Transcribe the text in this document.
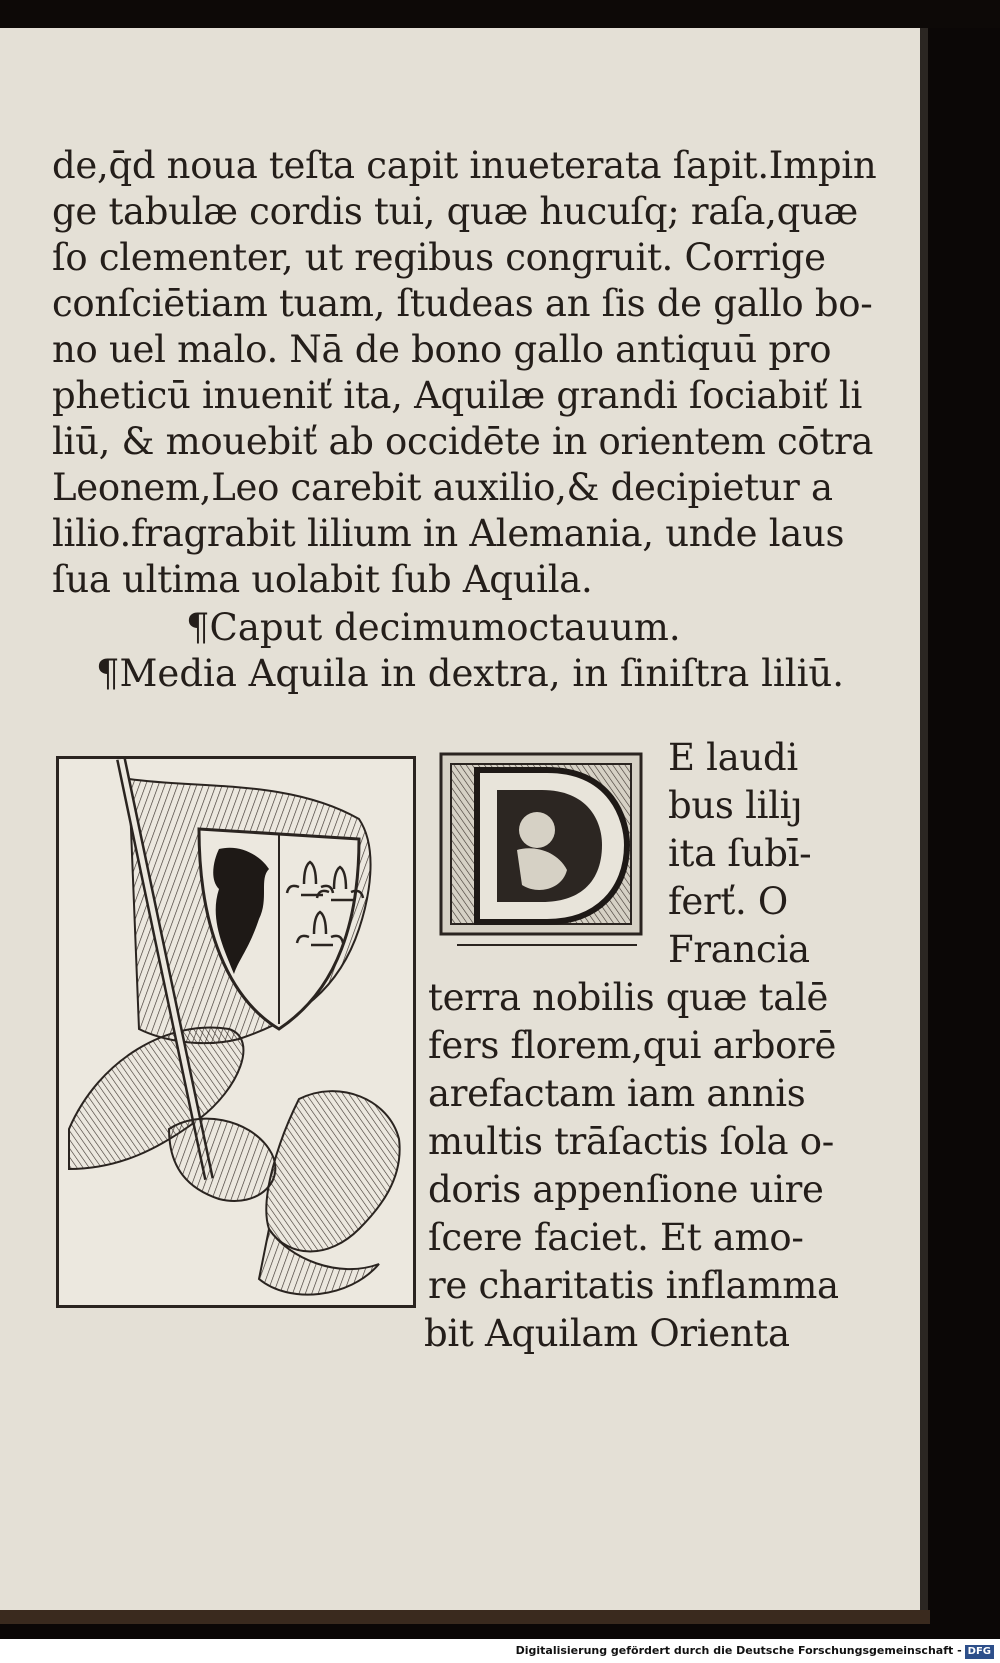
de,q̄d noua teſta capit inueterata ſapit.Impin
ge tabulæ cordis tui, quæ hucuſq; raſa,quæ
ſo clementer, ut regibus congruit. Corrige
conſciētiam tuam, ſtudeas an ſis de gallo bo-
no uel malo. Nā de bono gallo antiquū pro
pheticū inueniť ita, Aquilæ grandi ſociabiť li
liū, & mouebiť ab occidēte in orientem cōtra
Leonem,Leo carebit auxilio,& decipietur a
lilio.fragrabit lilium in Alemania, unde laus
ſua ultima uolabit ſub Aquila.
¶Caput decimumoctauum.
¶Media Aquila in dextra, in ſiniſtra liliū.
E laudi
bus liliȷ
ita ſubī-
ferť. O
Francia
terra nobilis quæ talē
fers florem,qui arborē
arefactam iam annis
multis trāſactis ſola o-
doris appenſione uire
ſcere faciet. Et amo-
re charitatis inflamma
bit Aquilam Orienta
Digitalisierung gefördert durch die Deutsche Forschungsgemeinschaft - DFG
